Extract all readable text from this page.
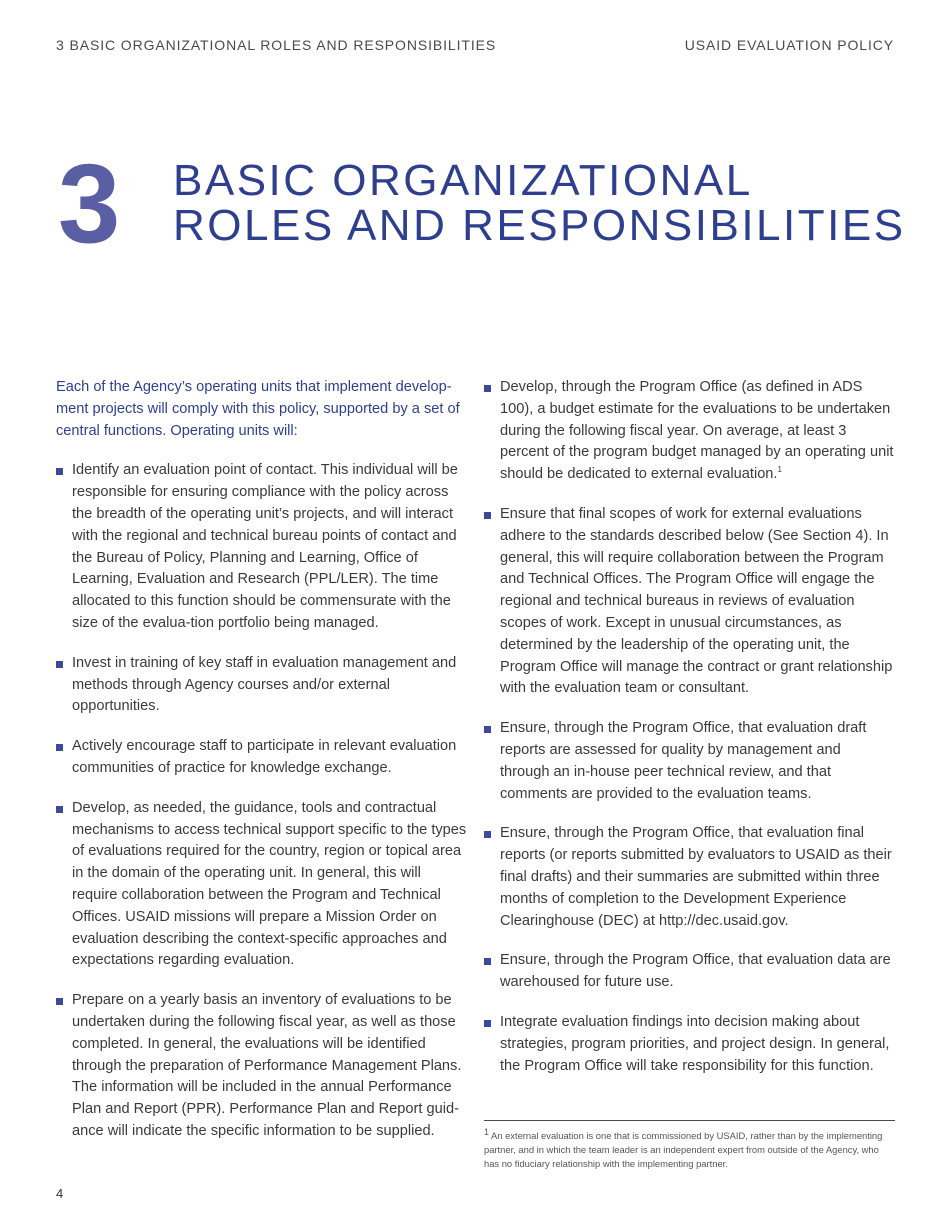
3 BASIC ORGANIZATIONAL ROLES AND RESPONSIBILITIES	USAID EVALUATION POLICY
3 BASIC ORGANIZATIONAL
ROLES AND RESPONSIBILITIES

Each of the Agency’s operating units that implement develop-ment projects will comply with this policy, supported by a set of central functions. Operating units will:

Identify an evaluation point of contact. This individual will be responsible for ensuring compliance with the policy across the breadth of the operating unit’s projects, and will interact with the regional and technical bureau points of contact and the Bureau of Policy, Planning and Learning, Office of Learning, Evaluation and Research (PPL/LER). The time allocated to this function should be commensurate with the size of the evalua-tion portfolio being managed.
Invest in training of key staff in evaluation management and methods through Agency courses and/or external opportunities.
Actively encourage staff to participate in relevant evaluation communities of practice for knowledge exchange.
Develop, as needed, the guidance, tools and contractual mechanisms to access technical support specific to the types of evaluations required for the country, region or topical area in the domain of the operating unit. In general, this will require collaboration between the Program and Technical Offices. USAID missions will prepare a Mission Order on evaluation describing the context-specific approaches and expectations regarding evaluation.
Prepare on a yearly basis an inventory of evaluations to be undertaken during the following fiscal year, as well as those completed. In general, the evaluations will be identified through the preparation of Performance Management Plans. The information will be included in the annual Performance Plan and Report (PPR). Performance Plan and Report guid-ance will indicate the specific information to be supplied.
Develop, through the Program Office (as defined in ADS 100), a budget estimate for the evaluations to be undertaken during the following fiscal year. On average, at least 3 percent of the program budget managed by an operating unit should be dedicated to external evaluation.$^1$
Ensure that final scopes of work for external evaluations adhere to the standards described below (See Section 4). In general, this will require collaboration between the Program and Technical Offices. The Program Office will engage the regional and technical bureaus in reviews of evaluation scopes of work. Except in unusual circumstances, as determined by the leadership of the operating unit, the Program Office will manage the contract or grant relationship with the evaluation team or consultant.
Ensure, through the Program Office, that evaluation draft reports are assessed for quality by management and through an in-house peer technical review, and that comments are provided to the evaluation teams.
Ensure, through the Program Office, that evaluation final reports (or reports submitted by evaluators to USAID as their final drafts) and their summaries are submitted within three months of completion to the Development Experience Clearinghouse (DEC) at http://dec.usaid.gov.
Ensure, through the Program Office, that evaluation data are warehoused for future use.
Integrate evaluation findings into decision making about strategies, program priorities, and project design. In general, the Program Office will take responsibility for this function.
1 An external evaluation is one that is commissioned by USAID, rather than by the implementing partner, and in which the team leader is an independent expert from outside of the Agency, who has no fiduciary relationship with the implementing partner.
4
